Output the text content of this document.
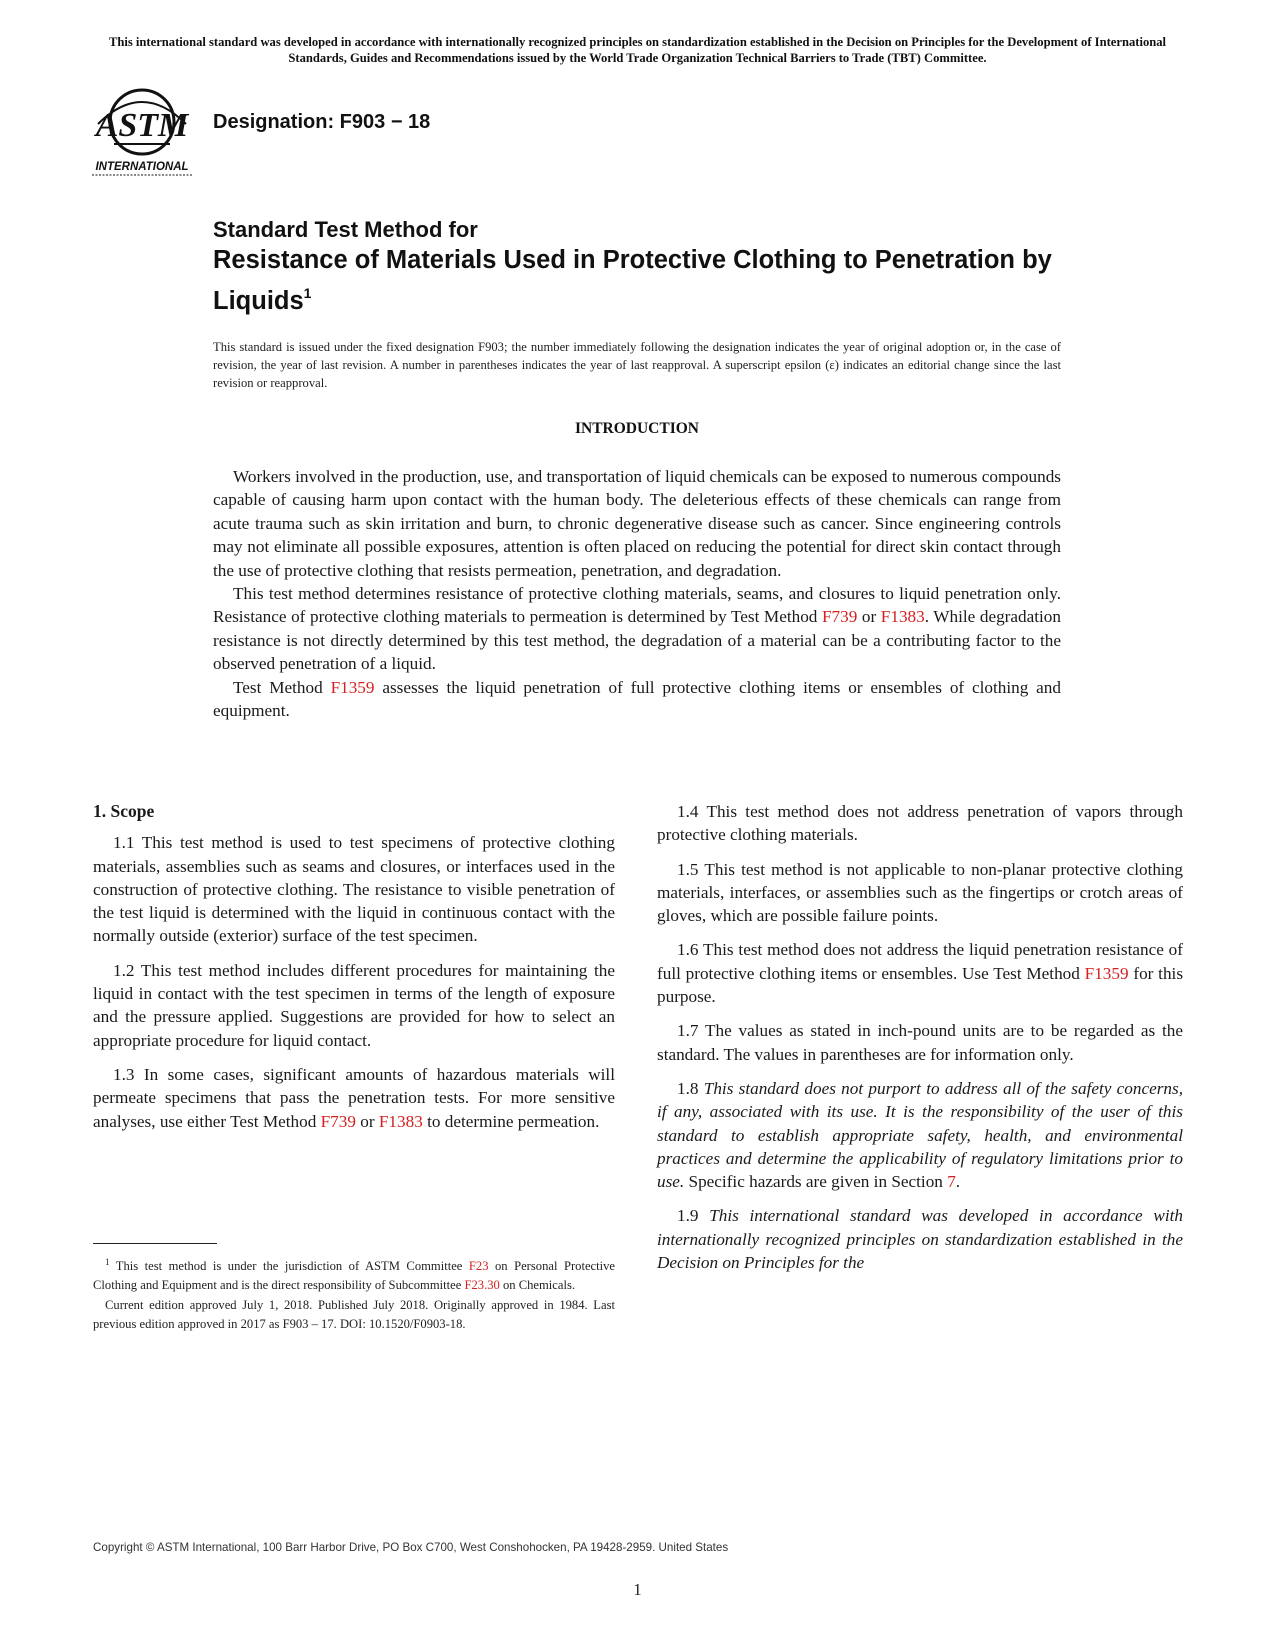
This international standard was developed in accordance with internationally recognized principles on standardization established in the Decision on Principles for the Development of International Standards, Guides and Recommendations issued by the World Trade Organization Technical Barriers to Trade (TBT) Committee.
ASTM
INTERNATIONAL
Designation: F903 − 18
Standard Test Method for
Resistance of Materials Used in Protective Clothing to Penetration by Liquids$^1$
This standard is issued under the fixed designation F903; the number immediately following the designation indicates the year of original adoption or, in the case of revision, the year of last revision. A number in parentheses indicates the year of last reapproval. A superscript epsilon (ε) indicates an editorial change since the last revision or reapproval.
INTRODUCTION

Workers involved in the production, use, and transportation of liquid chemicals can be exposed to numerous compounds capable of causing harm upon contact with the human body. The deleterious effects of these chemicals can range from acute trauma such as skin irritation and burn, to chronic degenerative disease such as cancer. Since engineering controls may not eliminate all possible exposures, attention is often placed on reducing the potential for direct skin contact through the use of protective clothing that resists permeation, penetration, and degradation.

This test method determines resistance of protective clothing materials, seams, and closures to liquid penetration only. Resistance of protective clothing materials to permeation is determined by Test Method F739 or F1383. While degradation resistance is not directly determined by this test method, the degradation of a material can be a contributing factor to the observed penetration of a liquid.

Test Method F1359 assesses the liquid penetration of full protective clothing items or ensembles of clothing and equipment.

1. Scope

1.1 This test method is used to test specimens of protective clothing materials, assemblies such as seams and closures, or interfaces used in the construction of protective clothing. The resistance to visible penetration of the test liquid is determined with the liquid in continuous contact with the normally outside (exterior) surface of the test specimen.

1.2 This test method includes different procedures for maintaining the liquid in contact with the test specimen in terms of the length of exposure and the pressure applied. Suggestions are provided for how to select an appropriate procedure for liquid contact.

1.3 In some cases, significant amounts of hazardous materials will permeate specimens that pass the penetration tests. For more sensitive analyses, use either Test Method F739 or F1383 to determine permeation.

$^1$ This test method is under the jurisdiction of ASTM Committee F23 on Personal Protective Clothing and Equipment and is the direct responsibility of Subcommittee F23.30 on Chemicals.

Current edition approved July 1, 2018. Published July 2018. Originally approved in 1984. Last previous edition approved in 2017 as F903 – 17. DOI: 10.1520/F0903-18.

1.4 This test method does not address penetration of vapors through protective clothing materials.

1.5 This test method is not applicable to non-planar protective clothing materials, interfaces, or assemblies such as the fingertips or crotch areas of gloves, which are possible failure points.

1.6 This test method does not address the liquid penetration resistance of full protective clothing items or ensembles. Use Test Method F1359 for this purpose.

1.7 The values as stated in inch-pound units are to be regarded as the standard. The values in parentheses are for information only.

1.8 This standard does not purport to address all of the safety concerns, if any, associated with its use. It is the responsibility of the user of this standard to establish appropriate safety, health, and environmental practices and determine the applicability of regulatory limitations prior to use. Specific hazards are given in Section 7.

1.9 This international standard was developed in accordance with internationally recognized principles on standardization established in the Decision on Principles for the

Copyright © ASTM International, 100 Barr Harbor Drive, PO Box C700, West Conshohocken, PA 19428-2959. United States
1
